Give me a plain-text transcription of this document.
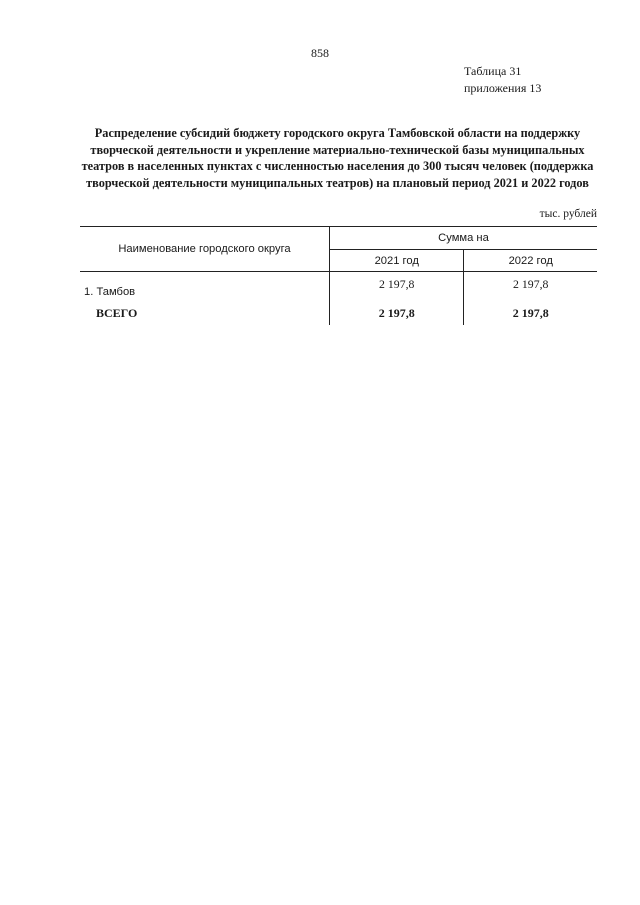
858
Таблица 31
приложения 13
Распределение субсидий бюджету городского округа Тамбовской области на поддержку творческой деятельности и укрепление материально-технической базы муниципальных театров в населенных пунктах с численностью населения до 300 тысяч человек (поддержка творческой деятельности муниципальных театров) на плановый период 2021 и 2022 годов
тыс. рублей
Наименование городского округа	Сумма на	
	2021 год	2022 год
1. Тамбов	2 197,8	2 197,8
ВСЕГО	2 197,8	2 197,8
